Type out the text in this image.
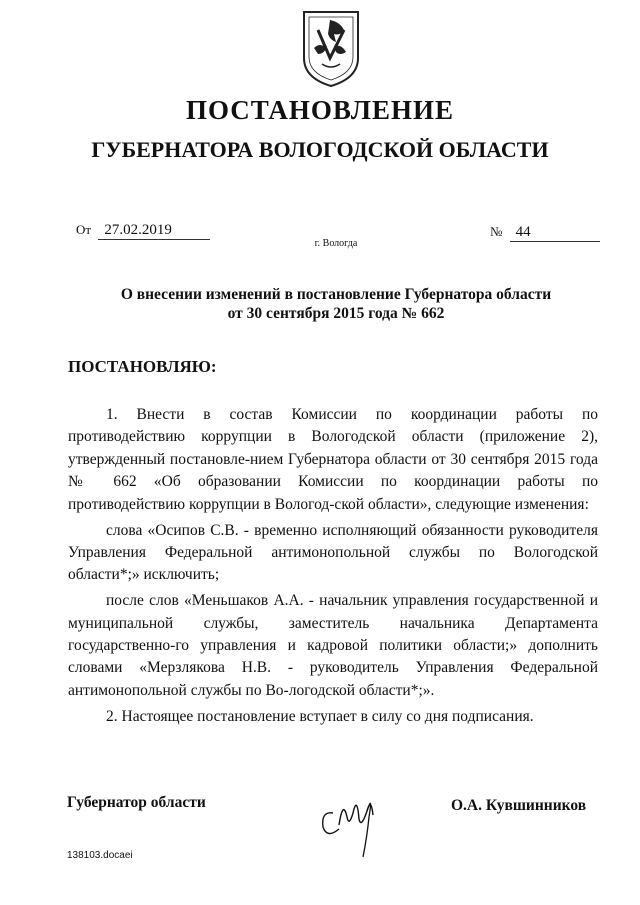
ПОСТАНОВЛЕНИЕ
ГУБЕРНАТОРА ВОЛОГОДСКОЙ ОБЛАСТИ
От 27.02.2019	№ 44
г. Вологда
О внесении изменений в постановление Губернатора области
от 30 сентября 2015 года № 662
ПОСТАНОВЛЯЮ:

1. Внести в состав Комиссии по координации работы по противодействию коррупции в Вологодской области (приложение 2), утвержденный постановле-нием Губернатора области от 30 сентября 2015 года № 662 «Об образовании Комиссии по координации работы по противодействию коррупции в Вологод-ской области», следующие изменения:

слова «Осипов С.В. - временно исполняющий обязанности руководителя Управления Федеральной антимонопольной службы по Вологодской области*;» исключить;

после слов «Меньшаков А.А. - начальник управления государственной и муниципальной службы, заместитель начальника Департамента государственно-го управления и кадровой политики области;» дополнить словами «Мерзлякова Н.В. - руководитель Управления Федеральной антимонопольной службы по Во-логодской области*;».

2. Настоящее постановление вступает в силу со дня подписания.

Губернатор области	О.А. Кувшинников
138103.docaei
